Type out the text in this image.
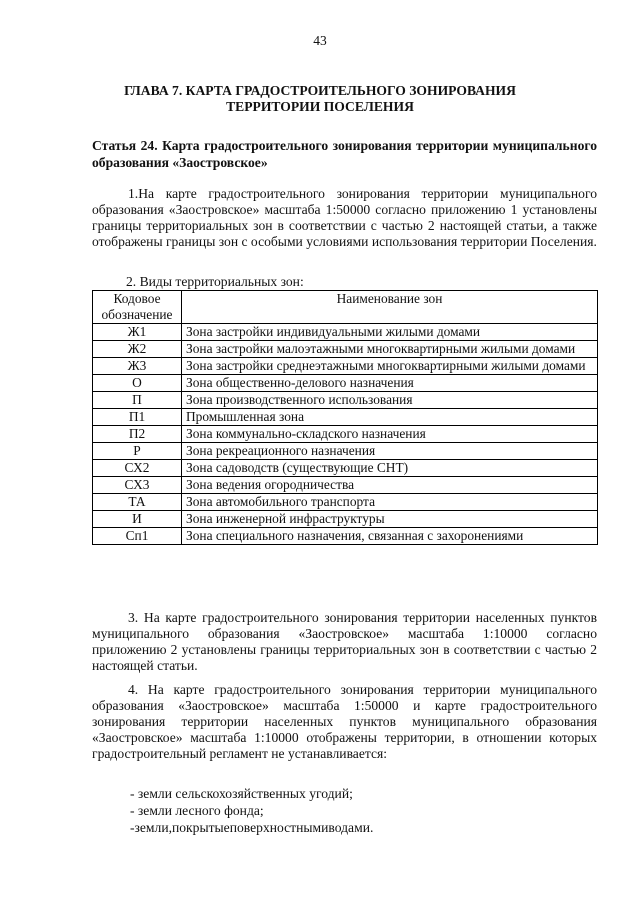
43
ГЛАВА 7. КАРТА ГРАДОСТРОИТЕЛЬНОГО ЗОНИРОВАНИЯ
ТЕРРИТОРИИ ПОСЕЛЕНИЯ
Статья 24. Карта градостроительного зонирования территории муниципального образования «Заостровское»
1.На карте градостроительного зонирования территории муниципального образования «Заостровское» масштаба 1:50000 согласно приложению 1 установлены границы территориальных зон в соответствии с частью 2 настоящей статьи, а также отображены границы зон с особыми условиями использования территории Поселения.
2. Виды территориальных зон:
Кодовое обозначение	Наименование зон
Ж1	Зона застройки индивидуальными жилыми домами
Ж2	Зона застройки малоэтажными многоквартирными жилыми домами
Ж3	Зона застройки среднеэтажными многоквартирными жилыми домами
О	Зона общественно-делового назначения
П	Зона производственного использования
П1	Промышленная зона
П2	Зона коммунально-складского назначения
Р	Зона рекреационного назначения
СХ2	Зона садоводств (существующие СНТ)
СХ3	Зона ведения огородничества
ТА	Зона автомобильного транспорта
И	Зона инженерной инфраструктуры
Сп1	Зона специального назначения, связанная с захоронениями
3. На карте градостроительного зонирования территории населенных пунктов муниципального образования «Заостровское» масштаба 1:10000 согласно приложению 2 установлены границы территориальных зон в соответствии с частью 2 настоящей статьи.
4. На карте градостроительного зонирования территории муниципального образования «Заостровское» масштаба 1:50000 и карте градостроительного зонирования территории населенных пунктов муниципального образования «Заостровское» масштаба 1:10000 отображены территории, в отношении которых градостроительный регламент не устанавливается:
- земли сельскохозяйственных угодий;
- земли лесного фонда;
-земли,покрытыеповерхностнымиводами.
